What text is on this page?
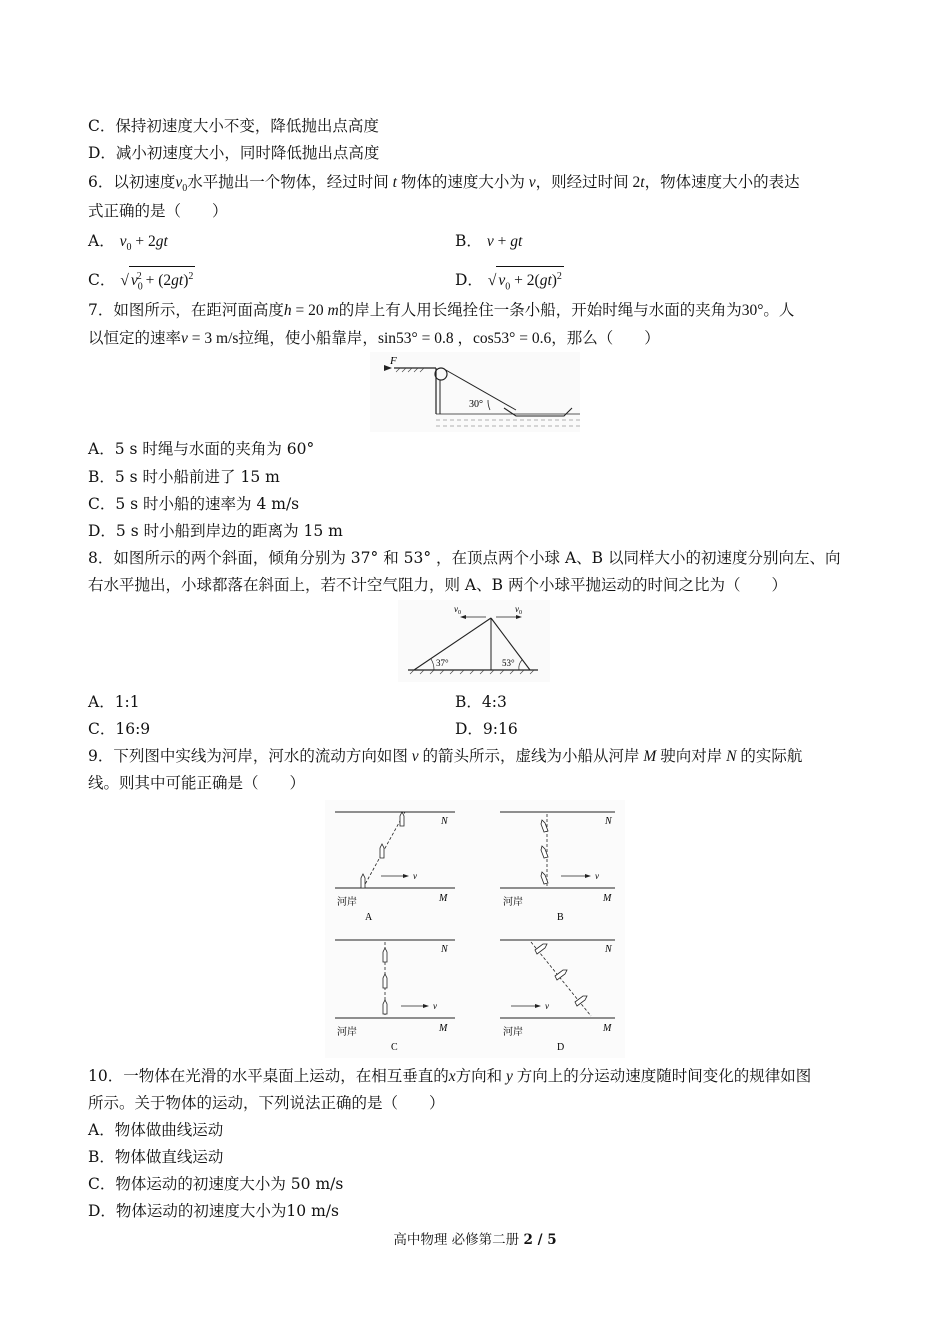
C．保持初速度大小不变，降低抛出点高度
D．减小初速度大小，同时降低抛出点高度
6．以初速度$v_0$水平抛出一个物体，经过时间 t 物体的速度大小为 v，则经过时间 2t，物体速度大小的表达
式正确的是（　　）
A． $v_0 + 2gt$	B． v + gt
C． √ $v_0^2 + (2gt)^2$	D． √ $v_0 + 2(gt)^2$
7．如图所示，在距河面高度h = 20 m的岸上有人用长绳拴住一条小船，开始时绳与水面的夹角为30°。人
以恒定的速率v = 3 m/s拉绳，使小船靠岸，sin53° = 0.8 ，cos53° = 0.6，那么（　　）
F
30°
A．5 s 时绳与水面的夹角为 60°
B．5 s 时小船前进了 15 m
C．5 s 时小船的速率为 4 m/s
D．5 s 时小船到岸边的距离为 15 m
8．如图所示的两个斜面，倾角分别为 37° 和 53° ，在顶点两个小球 A、B 以同样大小的初速度分别向左、向
右水平抛出，小球都落在斜面上，若不计空气阻力，则 A、B 两个小球平抛运动的时间之比为（　　）
$v_0$	$v_0$
37°	53°
A．1:1	B．4:3
C．16:9	D．9:16
9．下列图中实线为河岸，河水的流动方向如图 v 的箭头所示，虚线为小船从河岸 M 驶向对岸 N 的实际航
线。则其中可能正确是（　　）
N
M
河岸
A
v
N
M
河岸
B
v
N
M
河岸
C
v
N
M
河岸
D
v
10．一物体在光滑的水平桌面上运动，在相互垂直的x方向和 y 方向上的分运动速度随时间变化的规律如图
所示。关于物体的运动，下列说法正确的是（　　）
A．物体做曲线运动
B．物体做直线运动
C．物体运动的初速度大小为 50 m/s
D．物体运动的初速度大小为10 m/s
高中物理 必修第二册 2 / 5
